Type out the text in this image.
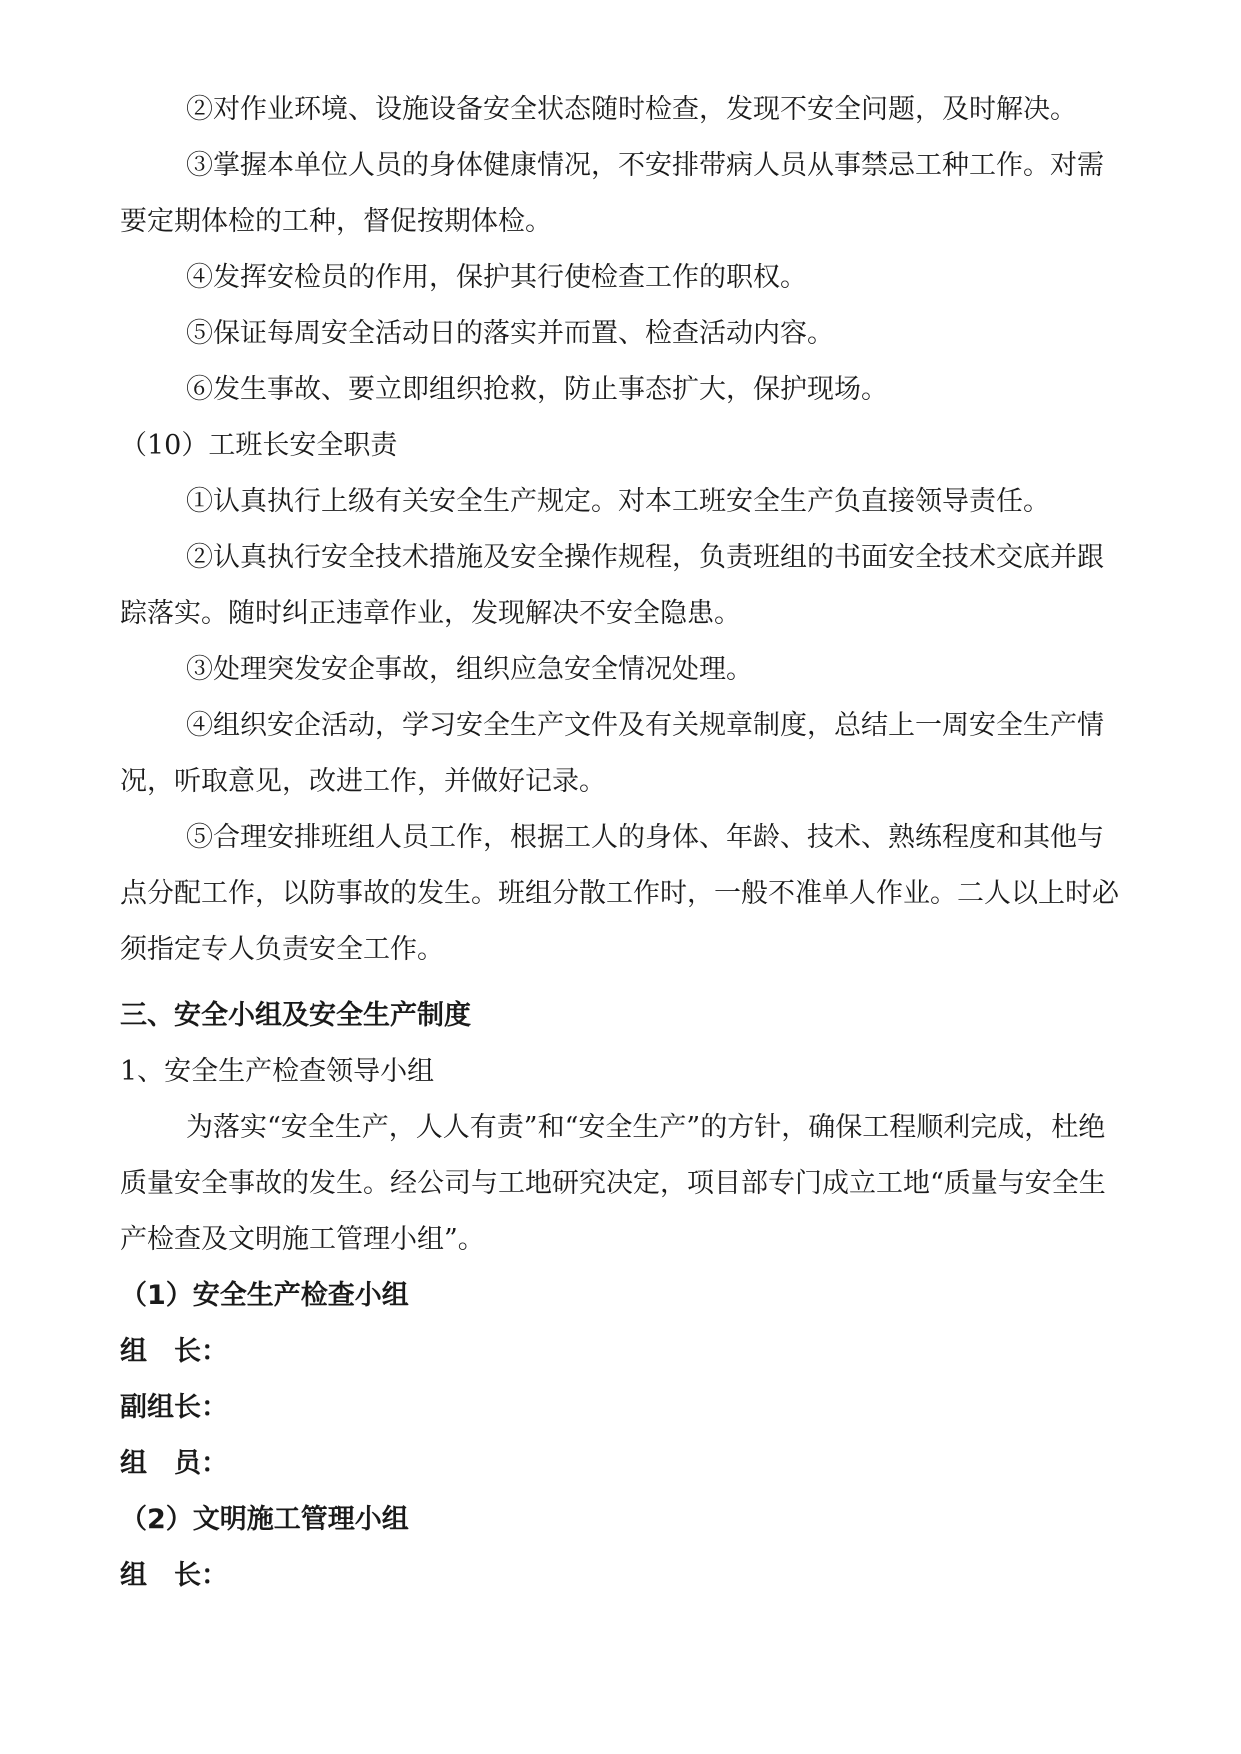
②对作业环境、设施设备安全状态随时检查，发现不安全问题，及时解决。

③掌握本单位人员的身体健康情况，不安排带病人员从事禁忌工种工作。对需要定期体检的工种，督促按期体检。

④发挥安检员的作用，保护其行使检查工作的职权。

⑤保证每周安全活动日的落实并而置、检查活动内容。

⑥发生事故、要立即组织抢救，防止事态扩大，保护现场。

（10）工班长安全职责

①认真执行上级有关安全生产规定。对本工班安全生产负直接领导责任。

②认真执行安全技术措施及安全操作规程，负责班组的书面安全技术交底并跟踪落实。随时纠正违章作业，发现解决不安全隐患。

③处理突发安企事故，组织应急安全情况处理。

④组织安企活动，学习安全生产文件及有关规章制度，总结上一周安全生产情况，听取意见，改进工作，并做好记录。

⑤合理安排班组人员工作，根据工人的身体、年龄、技术、熟练程度和其他与点分配工作，以防事故的发生。班组分散工作时，一般不准单人作业。二人以上时必须指定专人负责安全工作。

三、安全小组及安全生产制度

1、安全生产检查领导小组

为落实“安全生产，人人有责”和“安全生产”的方针，确保工程顺利完成，杜绝质量安全事故的发生。经公司与工地研究决定，项目部专门成立工地“质量与安全生产检查及文明施工管理小组”。

（1）安全生产检查小组

组　长：

副组长：

组　员：

（2）文明施工管理小组

组　长：
